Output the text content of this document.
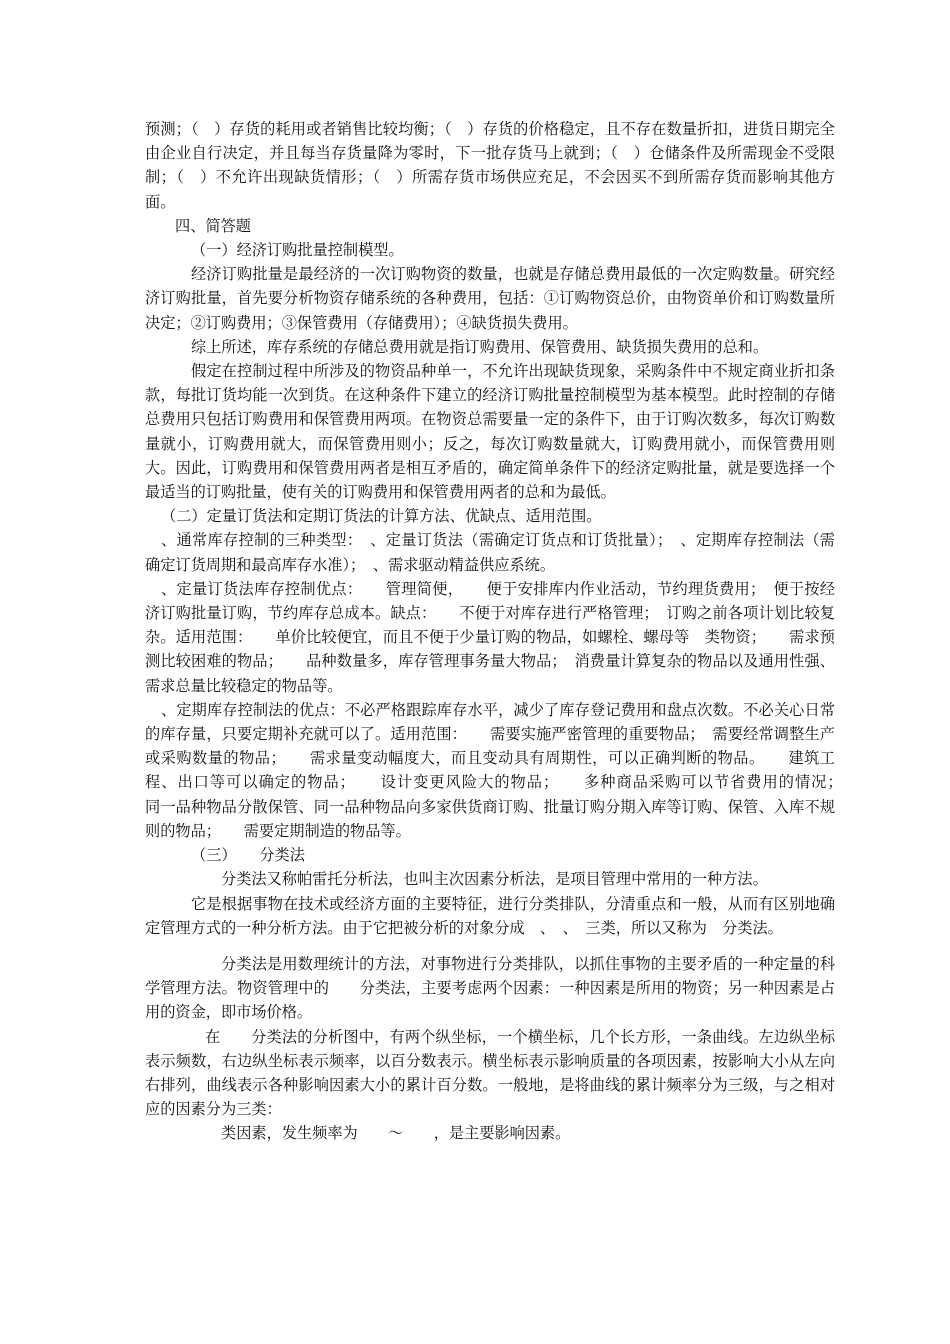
预测；（　）存货的耗用或者销售比较均衡；（　）存货的价格稳定，且不存在数量折扣，进货日期完全由企业自行决定，并且每当存货量降为零时，下一批存货马上就到；（　）仓储条件及所需现金不受限制；（　）不允许出现缺货情形；（　）所需存货市场供应充足，不会因买不到所需存货而影响其他方面。

四、简答题

（一）经济订购批量控制模型。

经济订购批量是最经济的一次订购物资的数量，也就是存储总费用最低的一次定购数量。研究经济订购批量，首先要分析物资存储系统的各种费用，包括：①订购物资总价，由物资单价和订购数量所决定；②订购费用；③保管费用（存储费用）；④缺货损失费用。

综上所述，库存系统的存储总费用就是指订购费用、保管费用、缺货损失费用的总和。

假定在控制过程中所涉及的物资品种单一，不允许出现缺货现象，采购条件中不规定商业折扣条款，每批订货均能一次到货。在这种条件下建立的经济订购批量控制模型为基本模型。此时控制的存储总费用只包括订购费用和保管费用两项。在物资总需要量一定的条件下，由于订购次数多，每次订购数量就小，订购费用就大，而保管费用则小；反之，每次订购数量就大，订购费用就小，而保管费用则大。因此，订购费用和保管费用两者是相互矛盾的，确定简单条件下的经济定购批量，就是要选择一个最适当的订购批量，使有关的订购费用和保管费用两者的总和为最低。

（二）定量订货法和定期订货法的计算方法、优缺点、适用范围。

、通常库存控制的三种类型：　、定量订货法（需确定订货点和订货批量）；　、定期库存控制法（需确定订货周期和最高库存水准）；　、需求驱动精益供应系统。

、定量订货法库存控制优点：　　管理简便，　　便于安排库内作业活动，节约理货费用；　便于按经济订购批量订购，节约库存总成本。缺点：　　不便于对库存进行严格管理；　订购之前各项计划比较复杂。适用范围：　　单价比较便宜，而且不便于少量订购的物品，如螺栓、螺母等　类物资；　　需求预测比较困难的物品；　　品种数量多，库存管理事务量大物品；　消费量计算复杂的物品以及通用性强、需求总量比较稳定的物品等。

、定期库存控制法的优点：不必严格跟踪库存水平，减少了库存登记费用和盘点次数。不必关心日常的库存量，只要定期补充就可以了。适用范围：　　需要实施严密管理的重要物品；　需要经常调整生产或采购数量的物品；　　需求量变动幅度大，而且变动具有周期性，可以正确判断的物品。　　建筑工程、出口等可以确定的物品；　　设计变更风险大的物品；　　多种商品采购可以节省费用的情况；　　同一品种物品分散保管、同一品种物品向多家供货商订购、批量订购分期入库等订购、保管、入库不规则的物品；　　需要定期制造的物品等。

（三）　　分类法

分类法又称帕雷托分析法，也叫主次因素分析法，是项目管理中常用的一种方法。

它是根据事物在技术或经济方面的主要特征，进行分类排队，分清重点和一般，从而有区别地确定管理方式的一种分析方法。由于它把被分析的对象分成　、　、　三类，所以又称为　分类法。

分类法是用数理统计的方法，对事物进行分类排队，以抓住事物的主要矛盾的一种定量的科学管理方法。物资管理中的　　分类法，主要考虑两个因素：一种因素是所用的物资；另一种因素是占用的资金，即市场价格。

在　　分类法的分析图中，有两个纵坐标，一个横坐标，几个长方形，一条曲线。左边纵坐标表示频数，右边纵坐标表示频率，以百分数表示。横坐标表示影响质量的各项因素，按影响大小从左向右排列，曲线表示各种影响因素大小的累计百分数。一般地，是将曲线的累计频率分为三级，与之相对应的因素分为三类：

类因素，发生频率为　　～　　，是主要影响因素。
